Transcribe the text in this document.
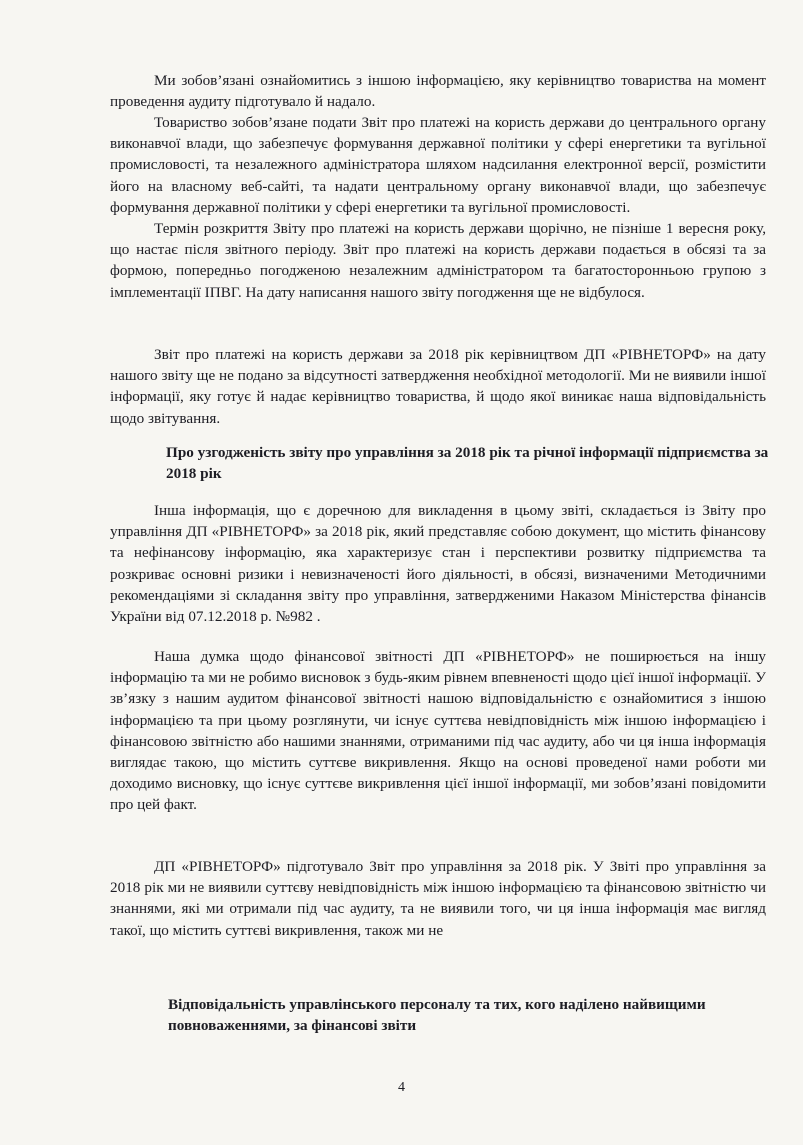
Ми зобов’язані ознайомитись з іншою інформацією, яку керівництво товариства на момент проведення аудиту підготувало й надало.

Товариство зобов’язане подати Звіт про платежі на користь держави до центрального органу виконавчої влади, що забезпечує формування державної політики у сфері енергетики та вугільної промисловості, та незалежного адміністратора шляхом надсилання електронної версії, розмістити його на власному веб-сайті, та надати центральному органу виконавчої влади, що забезпечує формування державної політики у сфері енергетики та вугільної промисловості.

Термін розкриття Звіту про платежі на користь держави щорічно, не пізніше 1 вересня року, що настає після звітного періоду. Звіт про платежі на користь держави подається в обсязі та за формою, попередньо погодженою незалежним адміністратором та багатосторонньою групою з імплементації ІПВГ. На дату написання нашого звіту погодження ще не відбулося.

Звіт про платежі на користь держави за 2018 рік керівництвом ДП «РІВНЕТОРФ» на дату нашого звіту ще не подано за відсутності затвердження необхідної методології. Ми не виявили іншої інформації, яку готує й надає керівництво товариства, й щодо якої виникає наша відповідальність щодо звітування.

Про узгодженість звіту про управління за 2018 рік та річної інформації підприємства за 2018 рік

Інша інформація, що є доречною для викладення в цьому звіті, складається із Звіту про управління ДП «РІВНЕТОРФ» за 2018 рік, який представляє собою документ, що містить фінансову та нефінансову інформацію, яка характеризує стан і перспективи розвитку підприємства та розкриває основні ризики і невизначеності його діяльності, в обсязі, визначеними Методичними рекомендаціями зі складання звіту про управління, затвердженими Наказом Міністерства фінансів України від 07.12.2018 р. №982 .

Наша думка щодо фінансової звітності ДП «РІВНЕТОРФ» не поширюється на іншу інформацію та ми не робимо висновок з будь-яким рівнем впевненості щодо цієї іншої інформації. У зв’язку з нашим аудитом фінансової звітності нашою відповідальністю є ознайомитися з іншою інформацією та при цьому розглянути, чи існує суттєва невідповідність між іншою інформацією і фінансовою звітністю або нашими знаннями, отриманими під час аудиту, або чи ця інша інформація виглядає такою, що містить суттєве викривлення. Якщо на основі проведеної нами роботи ми доходимо висновку, що існує суттєве викривлення цієї іншої інформації, ми зобов’язані повідомити про цей факт.

ДП «РІВНЕТОРФ» підготувало Звіт про управління за 2018 рік. У Звіті про управління за 2018 рік ми не виявили суттєву невідповідність між іншою інформацією та фінансовою звітністю чи знаннями, які ми отримали під час аудиту, та не виявили того, чи ця інша інформація має вигляд такої, що містить суттєві викривлення, також ми не

Відповідальність управлінського персоналу та тих, кого наділено найвищими повноваженнями, за фінансові звіти

4
